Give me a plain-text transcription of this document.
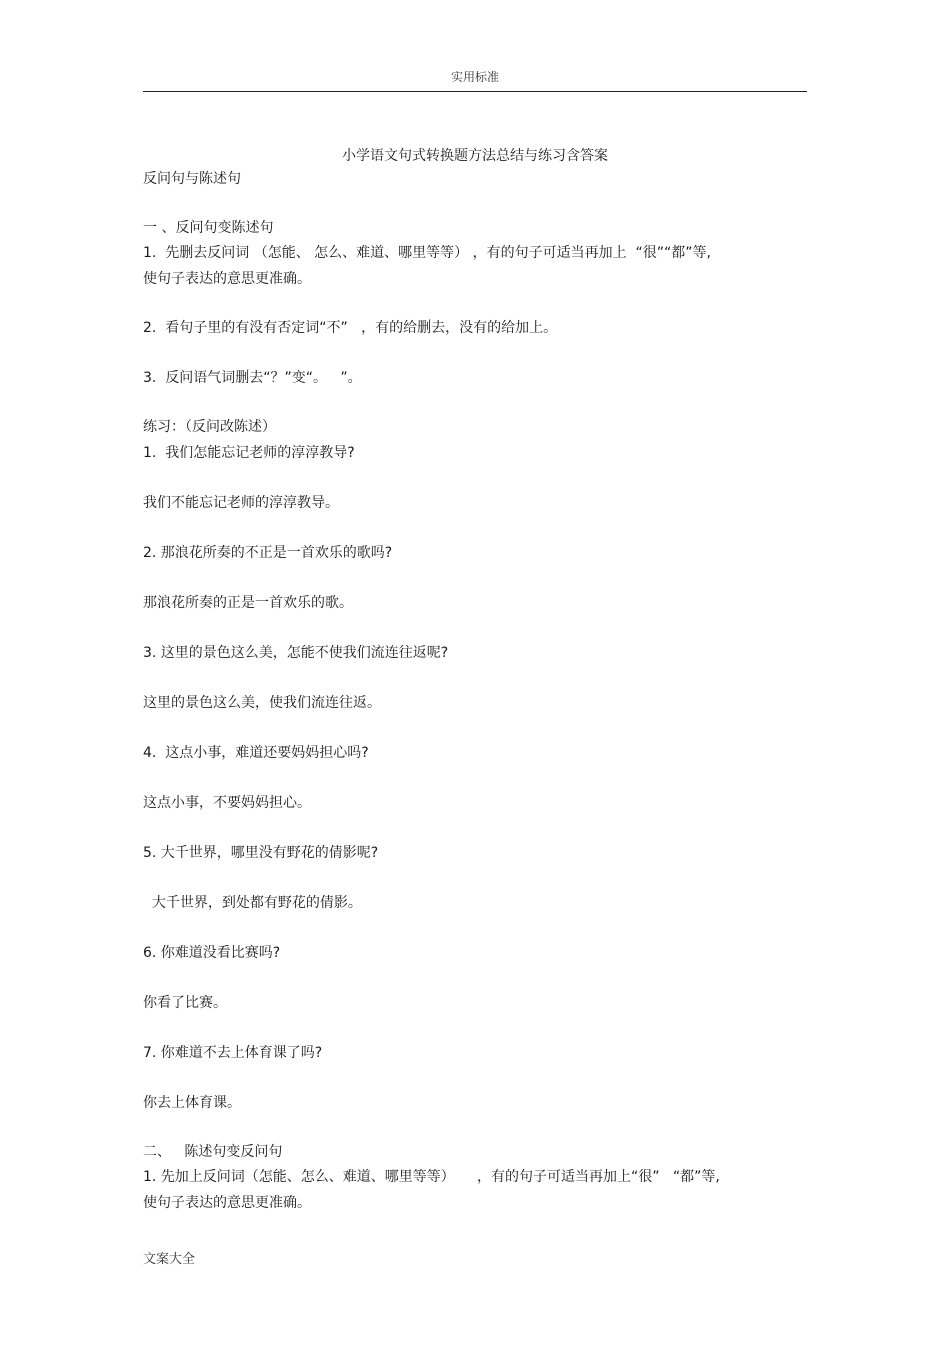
实用标准
小学语文句式转换题方法总结与练习含答案
反问句与陈述句
一 、反问句变陈述句
1.  先删去反问词 （怎能、 怎么、难道、哪里等等） ，有的句子可适当再加上  “很”“都”等,
使句子表达的意思更准确。
2.  看句子里的有没有否定词“不”   ，有的给删去，没有的给加上。
3.  反问语气词删去“？”变“。   ”。
练习：（反问改陈述）
1.  我们怎能忘记老师的淳淳教导?
我们不能忘记老师的淳淳教导。
2. 那浪花所奏的不正是一首欢乐的歌吗?
那浪花所奏的正是一首欢乐的歌。
3. 这里的景色这么美，怎能不使我们流连往返呢?
这里的景色这么美，使我们流连往返。
4.  这点小事，难道还要妈妈担心吗?
这点小事，不要妈妈担心。
5. 大千世界，哪里没有野花的倩影呢?
大千世界，到处都有野花的倩影。
6. 你难道没看比赛吗?
你看了比赛。
7. 你难道不去上体育课了吗?
你去上体育课。
二、   陈述句变反问句
1. 先加上反问词（怎能、怎么、难道、哪里等等）     ，有的句子可适当再加上“很”   “都”等,
使句子表达的意思更准确。
文案大全
